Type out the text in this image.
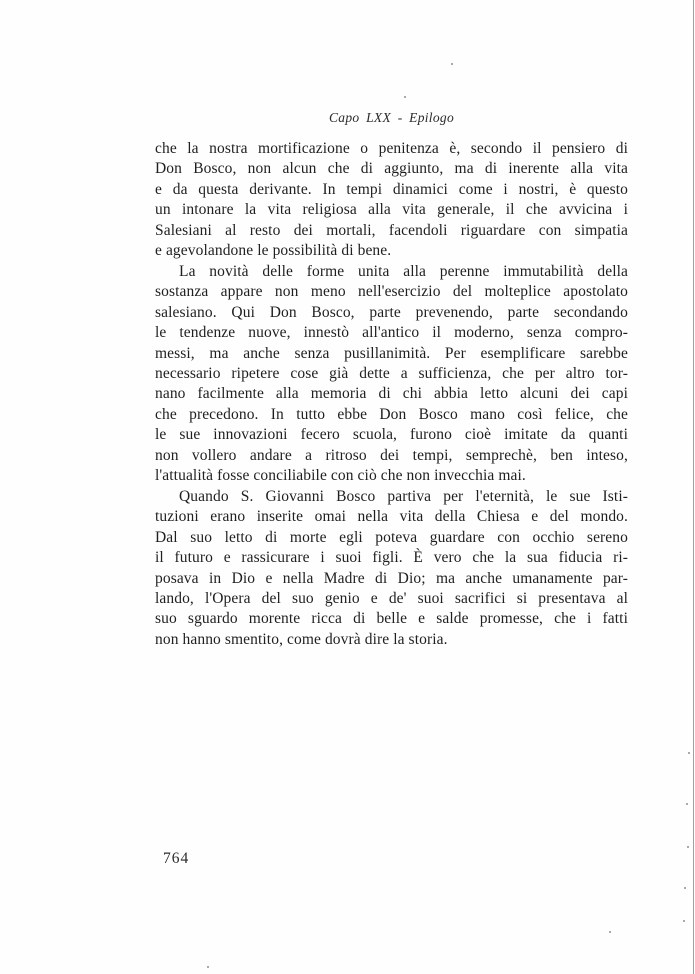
Capo LXX - Epilogo
che la nostra mortificazione o penitenza è, secondo il pensiero di
Don Bosco, non alcun che di aggiunto, ma di inerente alla vita
e da questa derivante. In tempi dinamici come i nostri, è questo
un intonare la vita religiosa alla vita generale, il che avvicina i
Salesiani al resto dei mortali, facendoli riguardare con simpatia
e agevolandone le possibilità di bene.
La novità delle forme unita alla perenne immutabilità della
sostanza appare non meno nell'esercizio del molteplice apostolato
salesiano. Qui Don Bosco, parte prevenendo, parte secondando
le tendenze nuove, innestò all'antico il moderno, senza compro-
messi, ma anche senza pusillanimità. Per esemplificare sarebbe
necessario ripetere cose già dette a sufficienza, che per altro tor-
nano facilmente alla memoria di chi abbia letto alcuni dei capi
che precedono. In tutto ebbe Don Bosco mano così felice, che
le sue innovazioni fecero scuola, furono cioè imitate da quanti
non vollero andare a ritroso dei tempi, semprechè, ben inteso,
l'attualità fosse conciliabile con ciò che non invecchia mai.
Quando S. Giovanni Bosco partiva per l'eternità, le sue Isti-
tuzioni erano inserite omai nella vita della Chiesa e del mondo.
Dal suo letto di morte egli poteva guardare con occhio sereno
il futuro e rassicurare i suoi figli. È vero che la sua fiducia ri-
posava in Dio e nella Madre di Dio; ma anche umanamente par-
lando, l'Opera del suo genio e de' suoi sacrifici si presentava al
suo sguardo morente ricca di belle e salde promesse, che i fatti
non hanno smentito, come dovrà dire la storia.
764
